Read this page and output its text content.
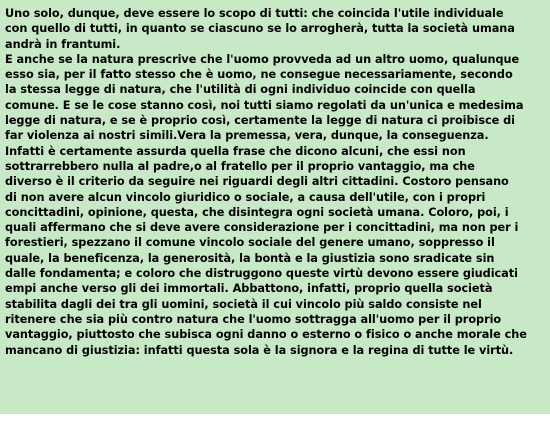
Uno solo, dunque, deve essere lo scopo di tutti: che coincida l'utile individuale
con quello di tutti, in quanto se ciascuno se lo arrogherà, tutta la società umana
andrà in frantumi.
E anche se la natura prescrive che l'uomo provveda ad un altro uomo, qualunque
esso sia, per il fatto stesso che è uomo, ne consegue necessariamente, secondo
la stessa legge di natura, che l'utilità di ogni individuo coincide con quella
comune. E se le cose stanno così, noi tutti siamo regolati da un'unica e medesima
legge di natura, e se è proprio così, certamente la legge di natura ci proibisce di
far violenza ai nostri simili.Vera la premessa, vera, dunque, la conseguenza.
Infatti è certamente assurda quella frase che dicono alcuni, che essi non
sottrarrebbero nulla al padre,o al fratello per il proprio vantaggio, ma che
diverso è il criterio da seguire nei riguardi degli altri cittadini. Costoro pensano
di non avere alcun vincolo giuridico o sociale, a causa dell'utile, con i propri
concittadini, opinione, questa, che disintegra ogni società umana. Coloro, poi, i
quali affermano che si deve avere considerazione per i concittadini, ma non per i
forestieri, spezzano il comune vincolo sociale del genere umano, soppresso il
quale, la beneficenza, la generosità, la bontà e la giustizia sono sradicate sin
dalle fondamenta; e coloro che distruggono queste virtù devono essere giudicati
empi anche verso gli dei immortali. Abbattono, infatti, proprio quella società
stabilita dagli dei tra gli uomini, società il cui vincolo più saldo consiste nel
ritenere che sia più contro natura che l'uomo sottragga all'uomo per il proprio
vantaggio, piuttosto che subisca ogni danno o esterno o fisico o anche morale che
mancano di giustizia: infatti questa sola è la signora e la regina di tutte le virtù.
